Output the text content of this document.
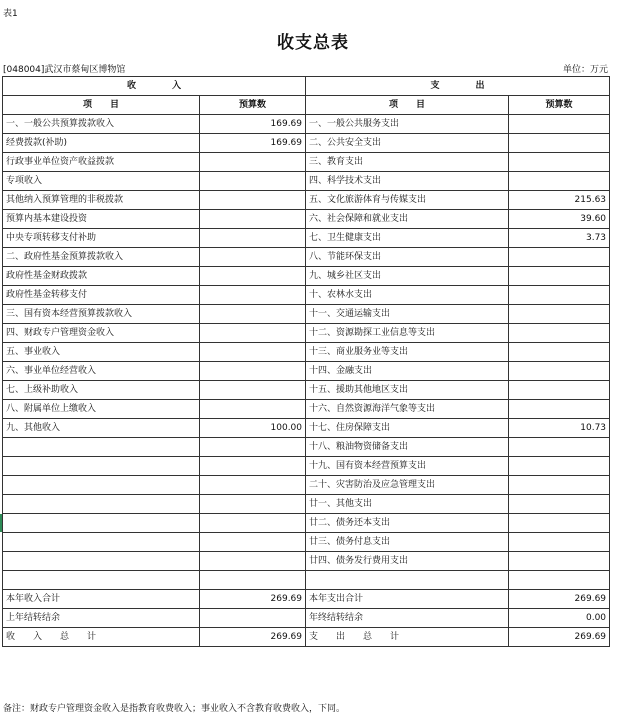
表1
收支总表
[048004]武汉市蔡甸区博物馆	单位：万元
收　　　　入		支　　　　出	
项　　目	预算数	项　　目	预算数
一、一般公共预算拨款收入	169.69	一、一般公共服务支出	
经费拨款(补助)	169.69	二、公共安全支出	
行政事业单位资产收益拨款		三、教育支出	
专项收入		四、科学技术支出	
其他纳入预算管理的非税拨款		五、文化旅游体育与传媒支出	215.63
预算内基本建设投资		六、社会保障和就业支出	39.60
中央专项转移支付补助		七、卫生健康支出	3.73
二、政府性基金预算拨款收入		八、节能环保支出	
政府性基金财政拨款		九、城乡社区支出	
政府性基金转移支付		十、农林水支出	
三、国有资本经营预算拨款收入		十一、交通运输支出	
四、财政专户管理资金收入		十二、资源勘探工业信息等支出	
五、事业收入		十三、商业服务业等支出	
六、事业单位经营收入		十四、金融支出	
七、上级补助收入		十五、援助其他地区支出	
八、附属单位上缴收入		十六、自然资源海洋气象等支出	
九、其他收入	100.00	十七、住房保障支出	10.73
		十八、粮油物资储备支出	
		十九、国有资本经营预算支出	
		二十、灾害防治及应急管理支出	
		廿一、其他支出	
		廿二、债务还本支出	
		廿三、债务付息支出	
		廿四、债务发行费用支出	

本年收入合计	269.69	本年支出合计	269.69
上年结转结余		年终结转结余	0.00
收　　入　　总　　计	269.69	支　　出　　总　　计	269.69
备注：财政专户管理资金收入是指教育收费收入；事业收入不含教育收费收入，下同。
